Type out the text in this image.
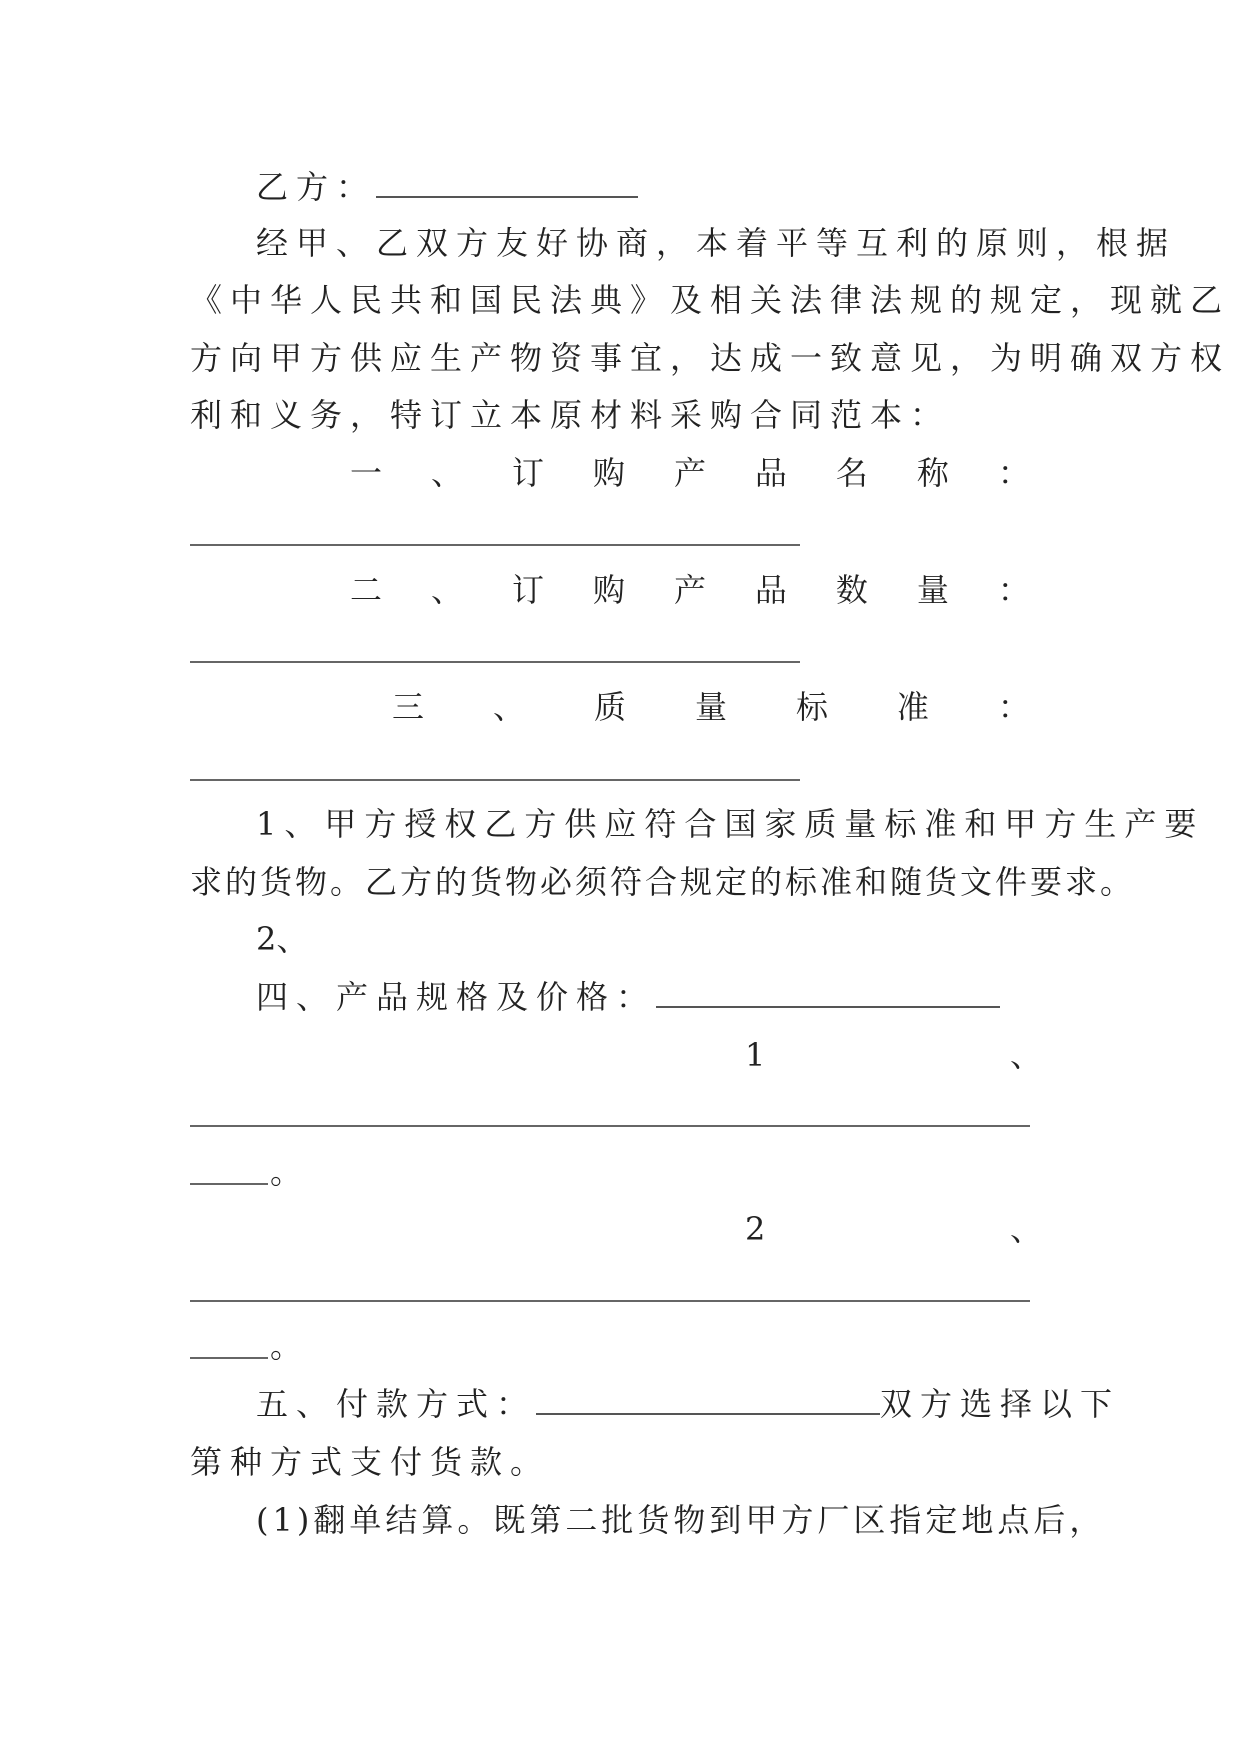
乙方：
经甲、乙双方友好协商，本着平等互利的原则，根据
《中华人民共和国民法典》及相关法律法规的规定，现就乙
方向甲方供应生产物资事宜，达成一致意见，为明确双方权
利和义务，特订立本原材料采购合同范本：
一 、 订 购 产 品 名 称 ：
二 、 订 购 产 品 数 量 ：
三 、 质 量 标 准 ：
1、甲方授权乙方供应符合国家质量标准和甲方生产要
求的货物。乙方的货物必须符合规定的标准和随货文件要求。
2、
四、产品规格及价格：
1	、
。
2	、
。
五、付款方式：	双方选择以下
第种方式支付货款。
(1)翻单结算。既第二批货物到甲方厂区指定地点后，
